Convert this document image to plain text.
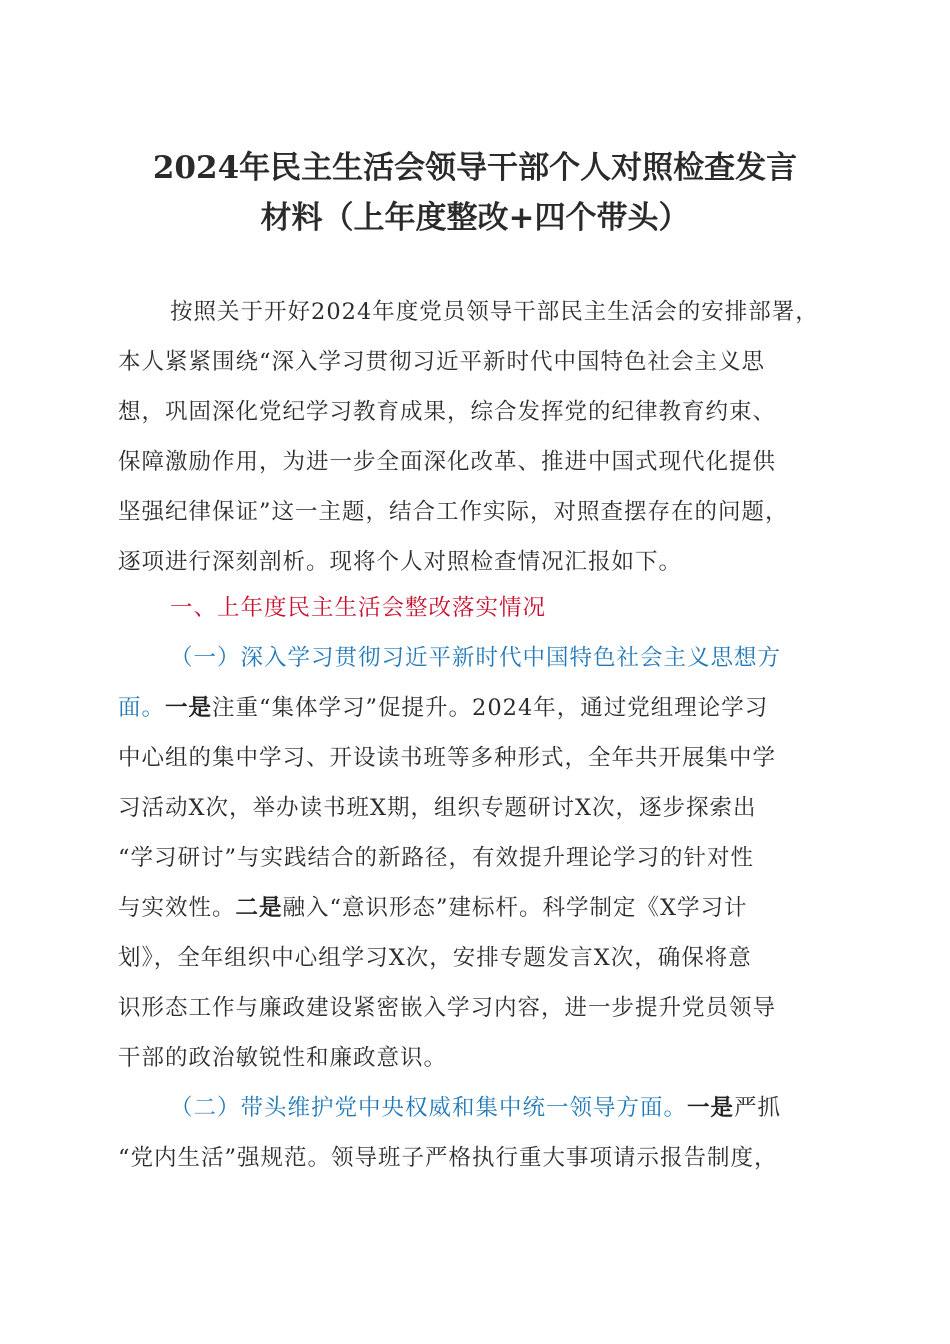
2024年民主生活会领导干部个人对照检查发言
材料（上年度整改+四个带头）
按照关于开好2024年度党员领导干部民主生活会的安排部署，
本人紧紧围绕“深入学习贯彻习近平新时代中国特色社会主义思
想，巩固深化党纪学习教育成果，综合发挥党的纪律教育约束、
保障激励作用，为进一步全面深化改革、推进中国式现代化提供
坚强纪律保证”这一主题，结合工作实际，对照查摆存在的问题，
逐项进行深刻剖析。现将个人对照检查情况汇报如下。
一、上年度民主生活会整改落实情况
（一）深入学习贯彻习近平新时代中国特色社会主义思想方
面。一是注重“集体学习”促提升。2024年，通过党组理论学习
中心组的集中学习、开设读书班等多种形式，全年共开展集中学
习活动X次，举办读书班X期，组织专题研讨X次，逐步探索出
“学习研讨”与实践结合的新路径，有效提升理论学习的针对性
与实效性。二是融入“意识形态”建标杆。科学制定《X学习计
划》，全年组织中心组学习X次，安排专题发言X次，确保将意
识形态工作与廉政建设紧密嵌入学习内容，进一步提升党员领导
干部的政治敏锐性和廉政意识。
（二）带头维护党中央权威和集中统一领导方面。一是严抓
“党内生活”强规范。领导班子严格执行重大事项请示报告制度，
